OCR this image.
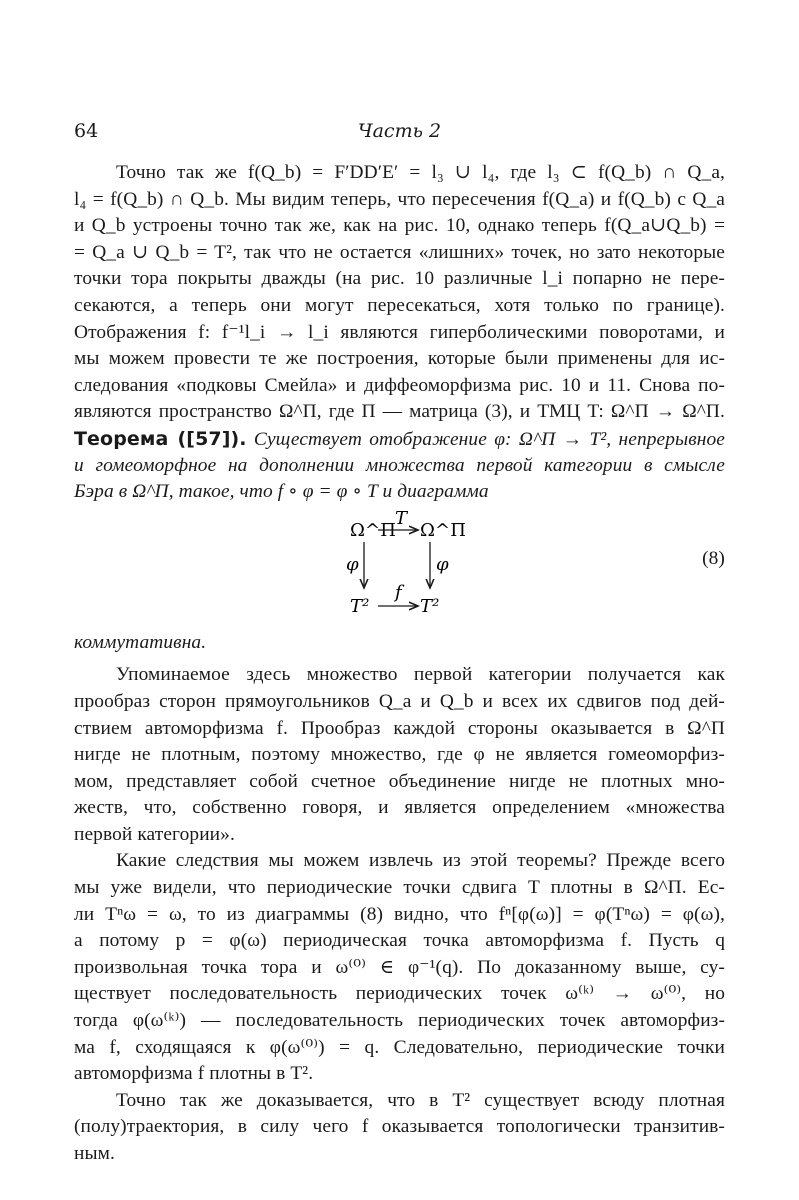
64	Часть 2
Точно так же f(Q_b) = F′DD′E′ = l₃ ∪ l₄, где l₃ ⊂ f(Q_b) ∩ Q_a,
l₄ = f(Q_b) ∩ Q_b. Мы видим теперь, что пересечения f(Q_a) и f(Q_b) с Q_a
и Q_b устроены точно так же, как на рис. 10, однако теперь f(Q_a∪Q_b) =
= Q_a ∪ Q_b = T², так что не остается «лишних» точек, но зато некоторые
точки тора покрыты дважды (на рис. 10 различные l_i попарно не пере-
секаются, а теперь они могут пересекаться, хотя только по границе).
Отображения f: f⁻¹l_i → l_i являются гиперболическими поворотами, и
мы можем провести те же построения, которые были применены для ис-
следования «подковы Смейла» и диффеоморфизма рис. 10 и 11. Снова по-
являются пространство Ω^П, где П — матрица (3), и ТМЦ T: Ω^П → Ω^П.
Теорема ([57]). Существует отображение φ: Ω^П → T², непрерывное
и гомеоморфное на дополнении множества первой категории в смысле
Бэра в Ω^П, такое, что f ∘ φ = φ ∘ T и диаграмма
Ω^П Ω^П
T
φ	φ
T²	T²
f
(8)
коммутативна.
Упоминаемое здесь множество первой категории получается как
прообраз сторон прямоугольников Q_a и Q_b и всех их сдвигов под дей-
ствием автоморфизма f. Прообраз каждой стороны оказывается в Ω^П
нигде не плотным, поэтому множество, где φ не является гомеоморфиз-
мом, представляет собой счетное объединение нигде не плотных мно-
жеств, что, собственно говоря, и является определением «множества
первой категории».
Какие следствия мы можем извлечь из этой теоремы? Прежде всего
мы уже видели, что периодические точки сдвига T плотны в Ω^П. Ес-
ли Tⁿω = ω, то из диаграммы (8) видно, что fⁿ[φ(ω)] = φ(Tⁿω) = φ(ω),
а потому p = φ(ω) периодическая точка автоморфизма f. Пусть q
произвольная точка тора и ω⁽⁰⁾ ∈ φ⁻¹(q). По доказанному выше, су-
ществует последовательность периодических точек ω⁽ᵏ⁾ → ω⁽⁰⁾, но
тогда φ(ω⁽ᵏ⁾) — последовательность периодических точек автоморфиз-
ма f, сходящаяся к φ(ω⁽⁰⁾) = q. Следовательно, периодические точки
автоморфизма f плотны в T².
Точно так же доказывается, что в T² существует всюду плотная
(полу)траектория, в силу чего f оказывается топологически транзитив-
ным.
